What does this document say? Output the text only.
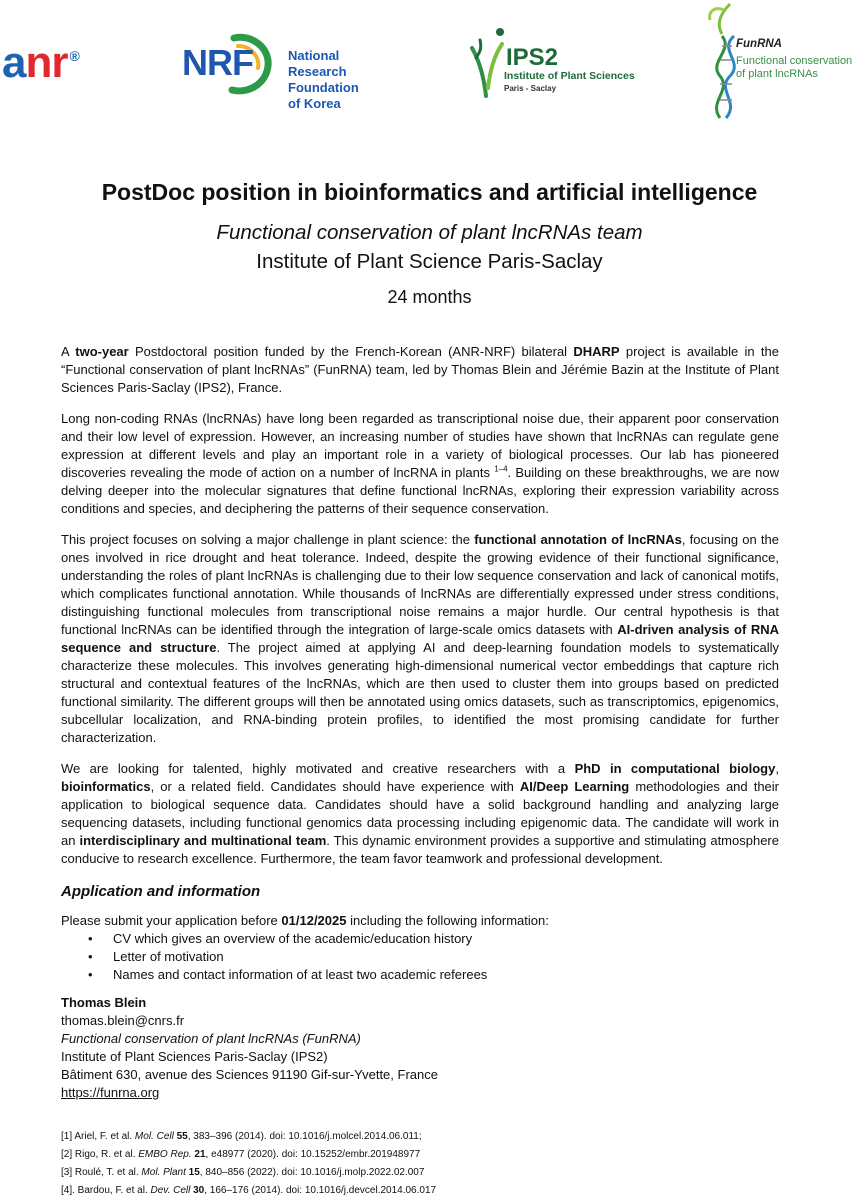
anr ®	National Research
Foundation of Korea
NRF	IPS2
Institute of Plant Sciences
Paris - Saclay
FunRNA
Functional conservation
of plant lncRNAs
PostDoc position in bioinformatics and artificial intelligence
Functional conservation of plant lncRNAs team
Institute of Plant Science Paris-Saclay
24 months

A two-year Postdoctoral position funded by the French-Korean (ANR-NRF) bilateral DHARP project is available in the “Functional conservation of plant lncRNAs” (FunRNA) team, led by Thomas Blein and Jérémie Bazin at the Institute of Plant Sciences Paris-Saclay (IPS2), France.

Long non-coding RNAs (lncRNAs) have long been regarded as transcriptional noise due, their apparent poor conservation and their low level of expression. However, an increasing number of studies have shown that lncRNAs can regulate gene expression at different levels and play an important role in a variety of biological processes. Our lab has pioneered discoveries revealing the mode of action on a number of lncRNA in plants $^{1-4}$. Building on these breakthroughs, we are now delving deeper into the molecular signatures that define functional lncRNAs, exploring their expression variability across conditions and species, and deciphering the patterns of their sequence conservation.

This project focuses on solving a major challenge in plant science: the functional annotation of lncRNAs, focusing on the ones involved in rice drought and heat tolerance. Indeed, despite the growing evidence of their functional significance, understanding the roles of plant lncRNAs is challenging due to their low sequence conservation and lack of canonical motifs, which complicates functional annotation. While thousands of lncRNAs are differentially expressed under stress conditions, distinguishing functional molecules from transcriptional noise remains a major hurdle. Our central hypothesis is that functional lncRNAs can be identified through the integration of large-scale omics datasets with AI-driven analysis of RNA sequence and structure. The project aimed at applying AI and deep-learning foundation models to systematically characterize these molecules. This involves generating high-dimensional numerical vector embeddings that capture rich structural and contextual features of the lncRNAs, which are then used to cluster them into groups based on predicted functional similarity. The different groups will then be annotated using omics datasets, such as transcriptomics, epigenomics, subcellular localization, and RNA-binding protein profiles, to identified the most promising candidate for further characterization.

We are looking for talented, highly motivated and creative researchers with a PhD in computational biology, bioinformatics, or a related field. Candidates should have experience with AI/Deep Learning methodologies and their application to biological sequence data. Candidates should have a solid background handling and analyzing large sequencing datasets, including functional genomics data processing including epigenomic data. The candidate will work in an interdisciplinary and multinational team. This dynamic environment provides a supportive and stimulating atmosphere conducive to research excellence. Furthermore, the team favor teamwork and professional development.

Application and information
Please submit your application before 01/12/2025 including the following information:
• CV which gives an overview of the academic/education history
• Letter of motivation
• Names and contact information of at least two academic referees
Thomas Blein
thomas.blein@cnrs.fr
Functional conservation of plant lncRNAs (FunRNA)
Institute of Plant Sciences Paris-Saclay (IPS2)
Bâtiment 630, avenue des Sciences 91190 Gif-sur-Yvette, France
https://funrna.org
[1] Ariel, F. et al. Mol. Cell 55, 383–396 (2014). doi: 10.1016/j.molcel.2014.06.011;
[2] Rigo, R. et al. EMBO Rep. 21, e48977 (2020). doi: 10.15252/embr.201948977
[3] Roulé, T. et al. Mol. Plant 15, 840–856 (2022). doi: 10.1016/j.molp.2022.02.007
[4]. Bardou, F. et al. Dev. Cell 30, 166–176 (2014). doi: 10.1016/j.devcel.2014.06.017
